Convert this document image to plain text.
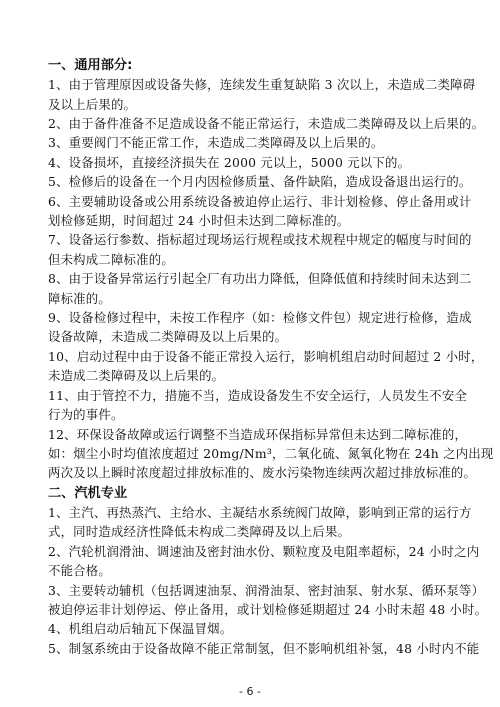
一、通用部分:

1、由于管理原因或设备失修，连续发生重复缺陷 3 次以上，未造成二类障碍
及以上后果的。

2、由于备件准备不足造成设备不能正常运行，未造成二类障碍及以上后果的。

3、重要阀门不能正常工作，未造成二类障碍及以上后果的。

4、设备损坏，直接经济损失在 2000 元以上，5000 元以下的。

5、检修后的设备在一个月内因检修质量、备件缺陷，造成设备退出运行的。

6、主要辅助设备或公用系统设备被迫停止运行、非计划检修、停止备用或计
划检修延期，时间超过 24 小时但未达到二障标准的。

7、设备运行参数、指标超过现场运行规程或技术规程中规定的幅度与时间的
但未构成二障标准的。

8、由于设备异常运行引起全厂有功出力降低，但降低值和持续时间未达到二
障标准的。

9、设备检修过程中，未按工作程序（如：检修文件包）规定进行检修，造成
设备故障，未造成二类障碍及以上后果的。

10、启动过程中由于设备不能正常投入运行，影响机组启动时间超过 2 小时，
未造成二类障碍及以上后果的。

11、由于管控不力，措施不当，造成设备发生不安全运行，人员发生不安全
行为的事件。

12、环保设备故障或运行调整不当造成环保指标异常但未达到二障标准的，
如：烟尘小时均值浓度超过 20mg/Nm³，二氧化硫、氮氧化物在 24h 之内出现
两次及以上瞬时浓度超过排放标准的、废水污染物连续两次超过排放标准的。

二、汽机专业

1、主汽、再热蒸汽、主给水、主凝结水系统阀门故障，影响到正常的运行方
式，同时造成经济性降低未构成二类障碍及以上后果。

2、汽轮机润滑油、调速油及密封油水份、颗粒度及电阻率超标，24 小时之内
不能合格。

3、主要转动辅机（包括调速油泵、润滑油泵、密封油泵、射水泵、循环泵等）
被迫停运非计划停运、停止备用，或计划检修延期超过 24 小时未超 48 小时。

4、机组启动后轴瓦下保温冒烟。

5、制氢系统由于设备故障不能正常制氢，但不影响机组补氢，48 小时内不能

- 6 -
